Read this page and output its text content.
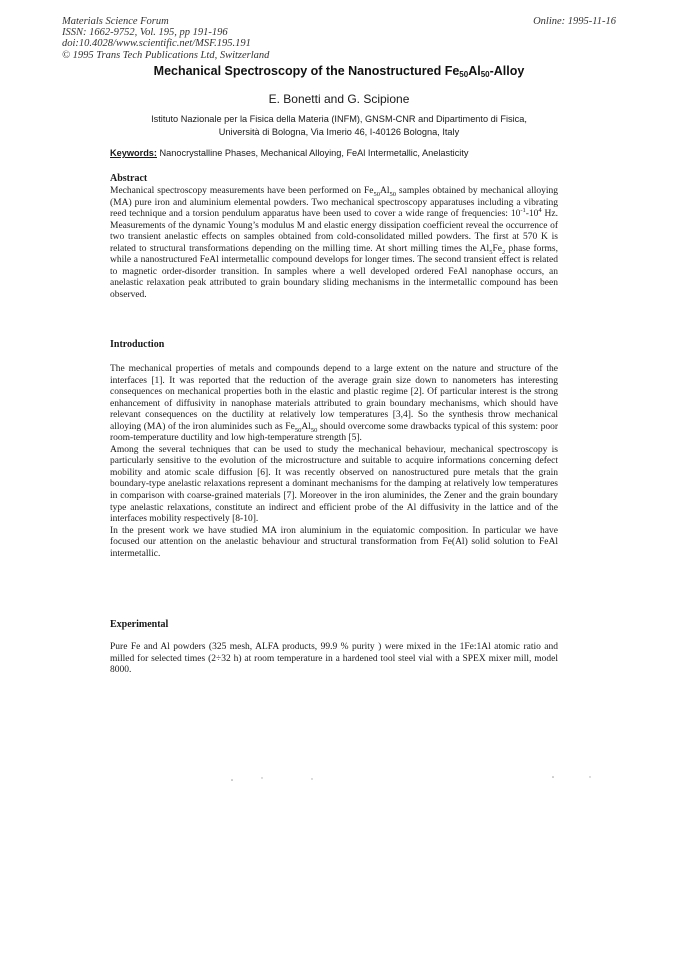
Materials Science Forum
ISSN: 1662-9752, Vol. 195, pp 191-196
doi:10.4028/www.scientific.net/MSF.195.191
© 1995 Trans Tech Publications Ltd, Switzerland
Online: 1995-11-16
Mechanical Spectroscopy of the Nanostructured $Fe_{50}Al_{50}$-Alloy
E. Bonetti and G. Scipione
Istituto Nazionale per la Fisica della Materia (INFM), GNSM-CNR and Dipartimento di Fisica,
Università di Bologna, Via Imerio 46, I-40126 Bologna, Italy
Keywords: Nanocrystalline Phases, Mechanical Alloying, FeAl Intermetallic, Anelasticity
Abstract

Mechanical spectroscopy measurements have been performed on $Fe_{50}Al_{50}$ samples obtained by mechanical alloying (MA) pure iron and aluminium elemental powders. Two mechanical spectroscopy apparatuses including a vibrating reed technique and a torsion pendulum apparatus have been used to cover a wide range of frequencies: $10^{-1}-10^4$ Hz. Measurements of the dynamic Young’s modulus M and elastic energy dissipation coefficient reveal the occurrence of two transient anelastic effects on samples obtained from cold-consolidated milled powders. The first at 570 K is related to structural transformations depending on the milling time. At short milling times the $Al_5Fe_2$ phase forms, while a nanostructured FeAl intermetallic compound develops for longer times. The second transient effect is related to magnetic order-disorder transition. In samples where a well developed ordered FeAl nanophase occurs, an anelastic relaxation peak attributed to grain boundary sliding mechanisms in the intermetallic compound has been observed.

Introduction

The mechanical properties of metals and compounds depend to a large extent on the nature and structure of the interfaces [1]. It was reported that the reduction of the average grain size down to nanometers has interesting consequences on mechanical properties both in the elastic and plastic regime [2]. Of particular interest is the strong enhancement of diffusivity in nanophase materials attributed to grain boundary mechanisms, which should have relevant consequences on the ductility at relatively low temperatures [3,4]. So the synthesis throw mechanical alloying (MA) of the iron aluminides such as $Fe_{50}Al_{50}$ should overcome some drawbacks typical of this system: poor room-temperature ductility and low high-temperature strength [5].

Among the several techniques that can be used to study the mechanical behaviour, mechanical spectroscopy is particularly sensitive to the evolution of the microstructure and suitable to acquire informations concerning defect mobility and atomic scale diffusion [6]. It was recently observed on nanostructured pure metals that the grain boundary-type anelastic relaxations represent a dominant mechanisms for the damping at relatively low temperatures in comparison with coarse-grained materials [7]. Moreover in the iron aluminides, the Zener and the grain boundary type anelastic relaxations, constitute an indirect and efficient probe of the Al diffusivity in the lattice and of the interfaces mobility respectively [8-10].

In the present work we have studied MA iron aluminium in the equiatomic composition. In particular we have focused our attention on the anelastic behaviour and structural transformation from Fe(Al) solid solution to FeAl intermetallic.

Experimental

Pure Fe and Al powders (325 mesh, ALFA products, 99.9 % purity ) were mixed in the 1Fe:1Al atomic ratio and milled for selected times (2÷32 h) at room temperature in a hardened tool steel vial with a SPEX mixer mill, model 8000.
